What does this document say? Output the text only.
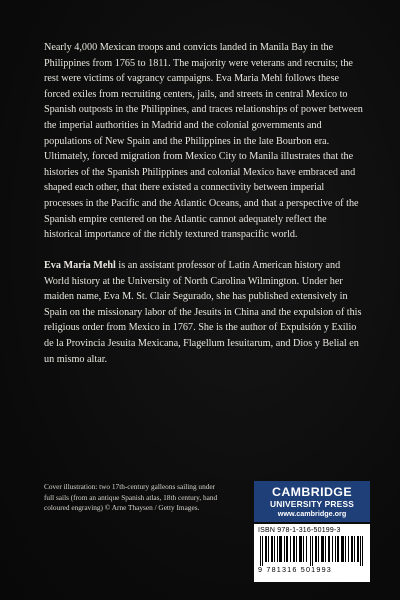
Nearly 4,000 Mexican troops and convicts landed in Manila Bay in the Philippines from 1765 to 1811. The majority were veterans and recruits; the rest were victims of vagrancy campaigns. Eva Maria Mehl follows these forced exiles from recruiting centers, jails, and streets in central Mexico to Spanish outposts in the Philippines, and traces relationships of power between the imperial authorities in Madrid and the colonial governments and populations of New Spain and the Philippines in the late Bourbon era. Ultimately, forced migration from Mexico City to Manila illustrates that the histories of the Spanish Philippines and colonial Mexico have embraced and shaped each other, that there existed a connectivity between imperial processes in the Pacific and the Atlantic Oceans, and that a perspective of the Spanish empire centered on the Atlantic cannot adequately reflect the historical importance of the richly textured transpacific world.

Eva Maria Mehl is an assistant professor of Latin American history and World history at the University of North Carolina Wilmington. Under her maiden name, Eva M. St. Clair Segurado, she has published extensively in Spain on the missionary labor of the Jesuits in China and the expulsion of this religious order from Mexico in 1767. She is the author of Expulsión y Exilio de la Provincia Jesuita Mexicana, Flagellum Iesuitarum, and Dios y Belial en un mismo altar.

Cover illustration: two 17th-century galleons sailing under full sails (from an antique Spanish atlas, 18th century, hand coloured engraving) © Arne Thaysen / Getty Images.

CAMBRIDGE
UNIVERSITY PRESS
www.cambridge.org
ISBN 978-1-316-50199-3
9 781316 501993
